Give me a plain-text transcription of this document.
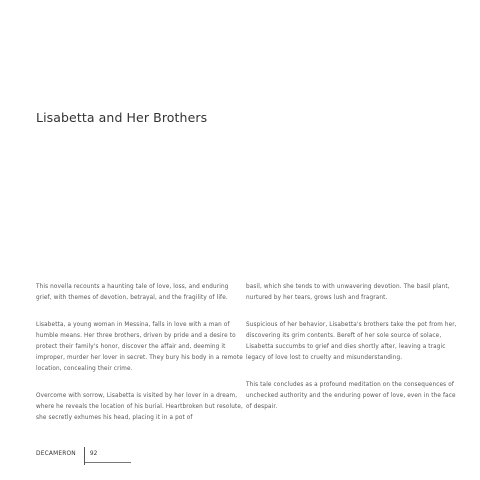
Lisabetta and Her Brothers

This novella recounts a haunting tale of love, loss, and enduring grief, with themes of devotion, betrayal, and the fragility of life.

Lisabetta, a young woman in Messina, falls in love with a man of humble means. Her three brothers, driven by pride and a desire to protect their family's honor, discover the affair and, deeming it improper, murder her lover in secret. They bury his body in a remote location, concealing their crime.

Overcome with sorrow, Lisabetta is visited by her lover in a dream, where he reveals the location of his burial. Heartbroken but resolute, she secretly exhumes his head, placing it in a pot of

basil, which she tends to with unwavering devotion. The basil plant, nurtured by her tears, grows lush and fragrant.

Suspicious of her behavior, Lisabetta's brothers take the pot from her, discovering its grim contents. Bereft of her sole source of solace, Lisabetta succumbs to grief and dies shortly after, leaving a tragic legacy of love lost to cruelty and misunderstanding.

This tale concludes as a profound meditation on the consequences of unchecked authority and the enduring power of love, even in the face of despair.

DECAMERON	92
